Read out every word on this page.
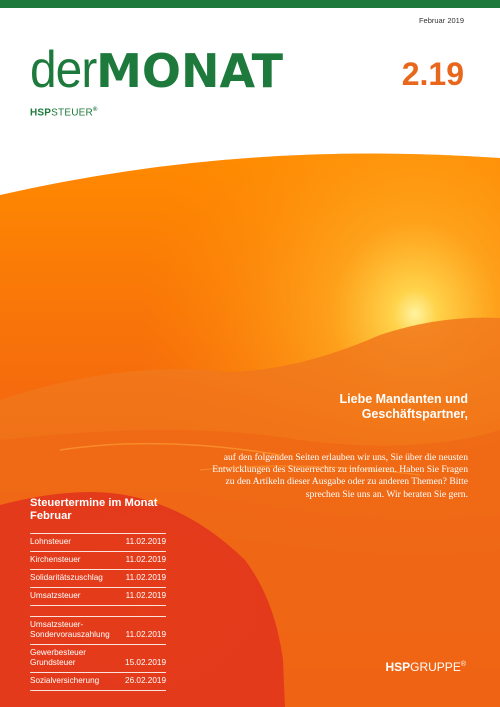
Februar 2019
derMONAT
HSPSTEUER®
2.19
Liebe Mandanten und Geschäftspartner,
auf den folgenden Seiten erlauben wir uns, Sie über die neusten Entwicklungen des Steuerrechts zu informieren. Haben Sie Fragen zu den Artikeln dieser Ausgabe oder zu anderen Themen? Bitte sprechen Sie uns an. Wir beraten Sie gern.
Steuertermine im Monat Februar
Lohnsteuer	11.02.2019
Kirchensteuer	11.02.2019
Solidaritätszuschlag	11.02.2019
Umsatzsteuer	11.02.2019
Umsatzsteuer-
Sondervorauszahlung 11.02.2019
Gewerbesteuer
Grundsteuer	15.02.2019
Sozialversicherung	26.02.2019
HSPGRUPPE®
